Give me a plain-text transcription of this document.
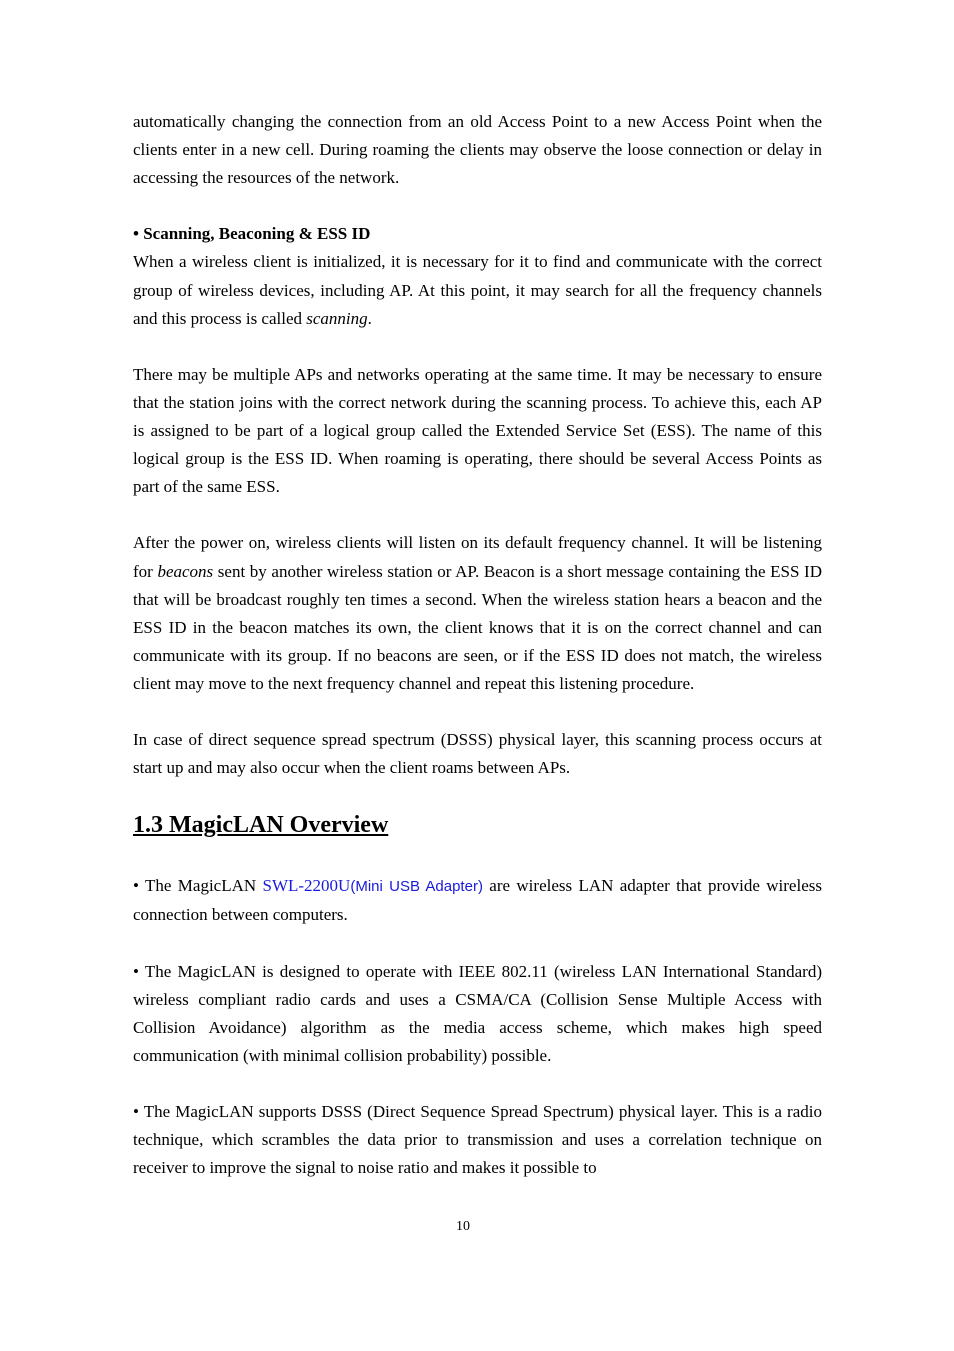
automatically changing the connection from an old Access Point to a new Access Point when the clients enter in a new cell. During roaming the clients may observe the loose connection or delay in accessing the resources of the network.

• Scanning, Beaconing & ESS ID

When a wireless client is initialized, it is necessary for it to find and communicate with the correct group of wireless devices, including AP. At this point, it may search for all the frequency channels and this process is called scanning.

There may be multiple APs and networks operating at the same time. It may be necessary to ensure that the station joins with the correct network during the scanning process. To achieve this, each AP is assigned to be part of a logical group called the Extended Service Set (ESS). The name of this logical group is the ESS ID. When roaming is operating, there should be several Access Points as part of the same ESS.

After the power on, wireless clients will listen on its default frequency channel. It will be listening for beacons sent by another wireless station or AP. Beacon is a short message containing the ESS ID that will be broadcast roughly ten times a second. When the wireless station hears a beacon and the ESS ID in the beacon matches its own, the client knows that it is on the correct channel and can communicate with its group. If no beacons are seen, or if the ESS ID does not match, the wireless client may move to the next frequency channel and repeat this listening procedure.

In case of direct sequence spread spectrum (DSSS) physical layer, this scanning process occurs at start up and may also occur when the client roams between APs.

1.3 MagicLAN Overview

• The MagicLAN SWL-2200U(Mini USB Adapter) are wireless LAN adapter that provide wireless connection between computers.

• The MagicLAN is designed to operate with IEEE 802.11 (wireless LAN International Standard) wireless compliant radio cards and uses a CSMA/CA (Collision Sense Multiple Access with Collision Avoidance) algorithm as the media access scheme, which makes high speed communication (with minimal collision probability) possible.

• The MagicLAN supports DSSS (Direct Sequence Spread Spectrum) physical layer. This is a radio technique, which scrambles the data prior to transmission and uses a correlation technique on receiver to improve the signal to noise ratio and makes it possible to

10
